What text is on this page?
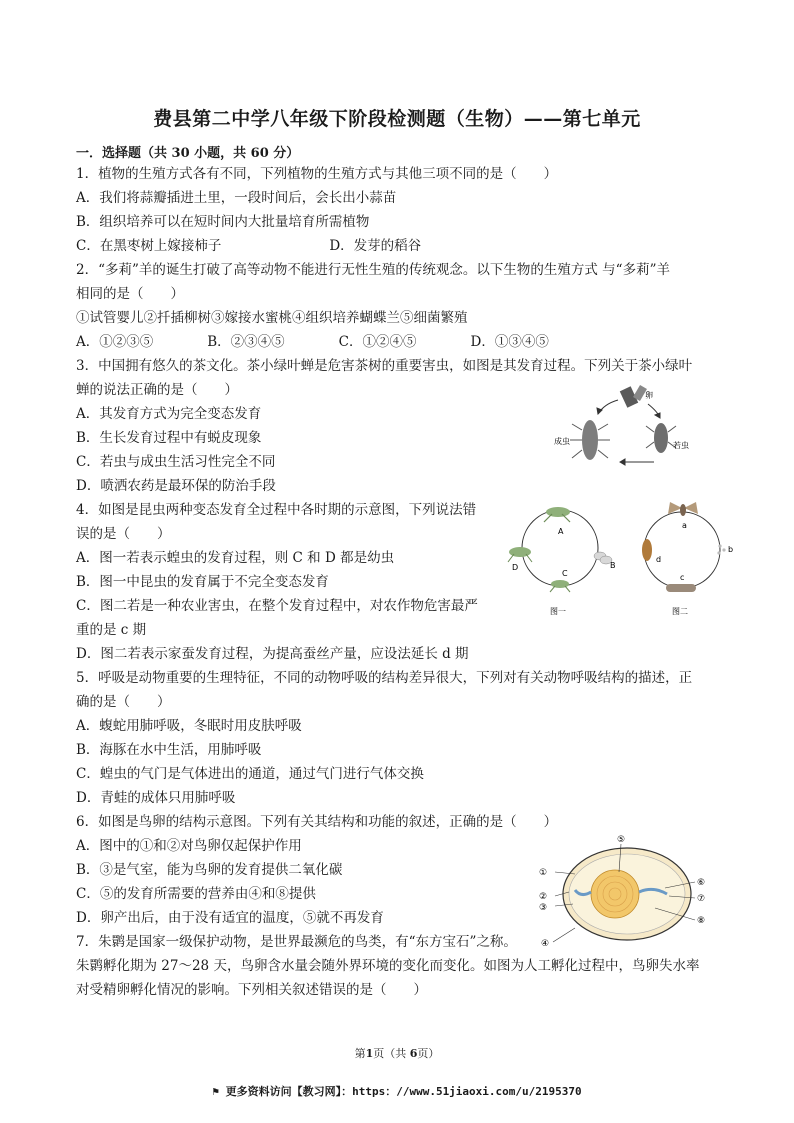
费县第二中学八年级下阶段检测题（生物）——第七单元
一．选择题（共 30 小题，共 60 分）
1．植物的生殖方式各有不同，下列植物的生殖方式与其他三项不同的是（　　）
A．我们将蒜瓣插进土里，一段时间后，会长出小蒜苗
B．组织培养可以在短时间内大批量培育所需植物
C．在黑枣树上嫁接柿子　　　　　　　　D．发芽的稻谷
2．“多莉”羊的诞生打破了高等动物不能进行无性生殖的传统观念。以下生物的生殖方式 与“多莉”羊
相同的是（　　）
①试管婴儿②扦插柳树③嫁接水蜜桃④组织培养蝴蝶兰⑤细菌繁殖
A．①②③⑤　　　　B．②③④⑤　　　　C．①②④⑤　　　　D．①③④⑤
3．中国拥有悠久的茶文化。茶小绿叶蝉是危害茶树的重要害虫，如图是其发育过程。下列关于茶小绿叶
蝉的说法正确的是（　　）
A．其发育方式为完全变态发育
B．生长发育过程中有蜕皮现象
C．若虫与成虫生活习性完全不同
D．喷洒农药是最环保的防治手段
4．如图是昆虫两种变态发育全过程中各时期的示意图，下列说法错
误的是（　　）
A．图一若表示蝗虫的发育过程，则 C 和 D 都是幼虫
B．图一中昆虫的发育属于不完全变态发育
C．图二若是一种农业害虫，在整个发育过程中，对农作物危害最严
重的是 c 期
D．图二若表示家蚕发育过程，为提高蚕丝产量，应设法延长 d 期
5．呼吸是动物重要的生理特征，不同的动物呼吸的结构差异很大，下列对有关动物呼吸结构的描述，正
确的是（　　）
A．蝮蛇用肺呼吸，冬眠时用皮肤呼吸
B．海豚在水中生活，用肺呼吸
C．蝗虫的气门是气体进出的通道，通过气门进行气体交换
D．青蛙的成体只用肺呼吸
6．如图是鸟卵的结构示意图。下列有关其结构和功能的叙述，正确的是（　　）
A．图中的①和②对鸟卵仅起保护作用
B．③是气室，能为鸟卵的发育提供二氧化碳
C．⑤的发育所需要的营养由④和⑧提供
D．卵产出后，由于没有适宜的温度，⑤就不再发育
7．朱鹮是国家一级保护动物，是世界最濒危的鸟类，有“东方宝石”之称。
朱鹮孵化期为 27～28 天，鸟卵含水量会随外界环境的变化而变化。如图为人工孵化过程中，鸟卵失水率
对受精卵孵化情况的影响。下列相关叙述错误的是（　　）
卵
成虫	若虫
A
B
C
D
图一
a
b
c
d
图二
①
②
③
④
⑤
⑥
⑦
⑧
第1页（共 6页）
⚑ 更多资料访问【教习网】：https：//www.51jiaoxi.com/u/2195370
